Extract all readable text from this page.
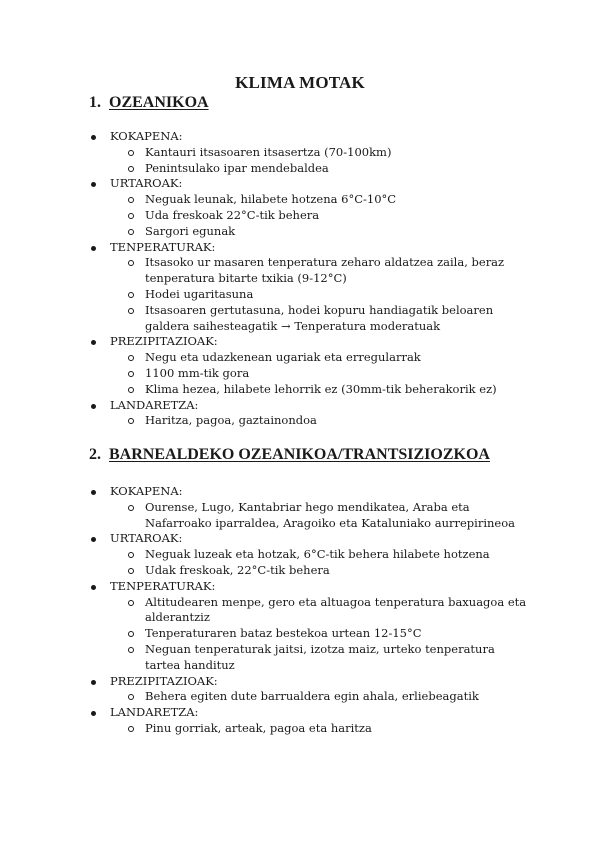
KLIMA MOTAK
1. OZEANIKOA
KOKAPENA:
Kantauri itsasoaren itsasertza (70-100km)
Penintsulako ipar mendebaldea
URTAROAK:
Neguak leunak, hilabete hotzena 6°C-10°C
Uda freskoak 22°C-tik behera
Sargori egunak
TENPERATURAK:
Itsasoko ur masaren tenperatura zeharo aldatzea zaila, beraz tenperatura bitarte txikia (9-12°C)
Hodei ugaritasuna
Itsasoaren gertutasuna, hodei kopuru handiagatik beloaren galdera saihesteagatik → Tenperatura moderatuak
PREZIPITAZIOAK:
Negu eta udazkenean ugariak eta erregularrak
1100 mm-tik gora
Klima hezea, hilabete lehorrik ez (30mm-tik beherakorik ez)
LANDARETZA:
Haritza, pagoa, gaztainondoa
2. BARNEALDEKO OZEANIKOA/TRANTSIZIOZKOA
KOKAPENA:
Ourense, Lugo, Kantabriar hego mendikatea, Araba eta Nafarroako iparraldea, Aragoiko eta Kataluniako aurrepirineoa
URTAROAK:
Neguak luzeak eta hotzak, 6°C-tik behera hilabete hotzena
Udak freskoak, 22°C-tik behera
TENPERATURAK:
Altitudearen menpe, gero eta altuagoa tenperatura baxuagoa eta alderantziz
Tenperaturaren bataz bestekoa urtean 12-15°C
Neguan tenperaturak jaitsi, izotza maiz, urteko tenperatura tartea handituz
PREZIPITAZIOAK:
Behera egiten dute barrualdera egin ahala, erliebeagatik
LANDARETZA:
Pinu gorriak, arteak, pagoa eta haritza
